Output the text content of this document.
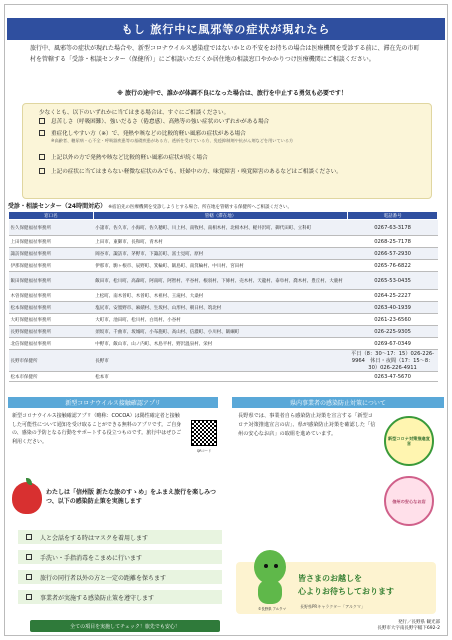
もし 旅行中に風邪等の症状が現れたら

旅行中、風邪等の症状が現れた場合や、新型コロナウイルス感染症ではないかとの不安をお持ちの場合は医療機関を受診する前に、滞在先の市町村を管轄する「受診・相談センター（保健所）」にご相談いただくか居住地の相談窓口やかかりつけ医療機関にご相談ください。

※ 旅行の途中で、誰かが体調不良になった場合は、旅行を中止する勇気も必要です！

少なくとも、以下のいずれかに当てはまる場合は、すぐにご相談ください。
息苦しさ（呼吸困難）、強いだるさ（倦怠感）、高熱等の強い症状のいずれかがある場合
重症化しやすい方（※）で、発熱や咳などの比較的軽い風邪の症状がある場合
※高齢者、糖尿病・心不全・呼吸器疾患等の基礎疾患がある方、透析を受けている方、免疫抑制剤や抗がん剤などを用いている方
上記以外の方で発熱や咳など比較的軽い風邪の症状が続く場合
上記の症状に当てはまらない軽微な症状のみでも、妊婦中の方、味覚障害・嗅覚障害のあるなどはご相談ください。
受診・相談センター（24時間対応） ※宿泊先の医療機関を受診しようとする場合、所在地を管轄する保健所へご相談ください。
窓口名	管轄（滞在地）	電話番号
佐久保健福祉事務所	小諸市、佐久市、小海町、佐久穂町、川上村、南牧村、南相木村、北相木村、軽井沢町、御代田町、立科町	0267-63-3178
上田保健福祉事務所	上田市、東御市、長和町、青木村	0268-25-7178
諏訪保健福祉事務所	岡谷市、諏訪市、茅野市、下諏訪町、富士見町、原村	0266-57-2930
伊那保健福祉事務所	伊那市、駒ヶ根市、辰野町、箕輪町、飯島町、南箕輪村、中川村、宮田村	0265-76-6822
飯田保健福祉事務所	飯田市、松川町、高森町、阿南町、阿智村、平谷村、根羽村、下條村、売木村、天龍村、泰阜村、喬木村、豊丘村、大鹿村	0265-53-0435
木曽保健福祉事務所	上松町、南木曽町、木曽町、木祖村、王滝村、大桑村	0264-25-2227
松本保健福祉事務所	塩尻市、安曇野市、麻績村、生坂村、山形村、朝日村、筑北村	0263-40-1939
大町保健福祉事務所	大町市、池田町、松川村、白馬村、小谷村	0261-23-6560
長野保健福祉事務所	須坂市、千曲市、坂城町、小布施町、高山村、信濃町、小川村、飯綱町	026-225-9305
北信保健福祉事務所	中野市、飯山市、山ノ内町、木島平村、野沢温泉村、栄村	0269-67-0349
長野市保健所	長野市	平日（8：30～17：15）026-226-9964　休日・夜間（17：15～8：30）026-226-4911
松本市保健所	松本市	0263-47-5670
新型コロナウイルス接触確認アプリ	県内事業者の感染防止対策について

新型コロナウイルス接触確認アプリ（略称：COCOA）は陽性確定者と接触した可能性について通知を受け取ることができる無料のアプリです。ご自身の、感染の予防となる行動をサポートする役立つものです。旅行中はぜひご利用ください。

QRコード

長野県では、事業者自ら感染防止対策を宣言する「新型コロナ対策推進宣言の店」、県が感染防止対策を確認した「信州の安心なお店」の取組を進めています。

新型コロナ対策推進宣言
信州の安心なお店

わたしは「信州版 新たな旅のすゝめ」をふまえ旅行を楽しみつつ、以下の感染防止策を実施します

人と会話をする時はマスクを着用します
手洗い・手指消毒をこまめに行います
旅行の同行者以外の方と一定の距離を保ちます
事業者が実施する感染防止策を遵守します
全ての項目を実施してチェック！旅先でも安心！
©長野県 アルクマ
皆さまのお越しを
心よりお待ちしております
長野県PRキャラクター「アルクマ」
発行／長野県 観光部
長野市大字南長野字幅下692-2
